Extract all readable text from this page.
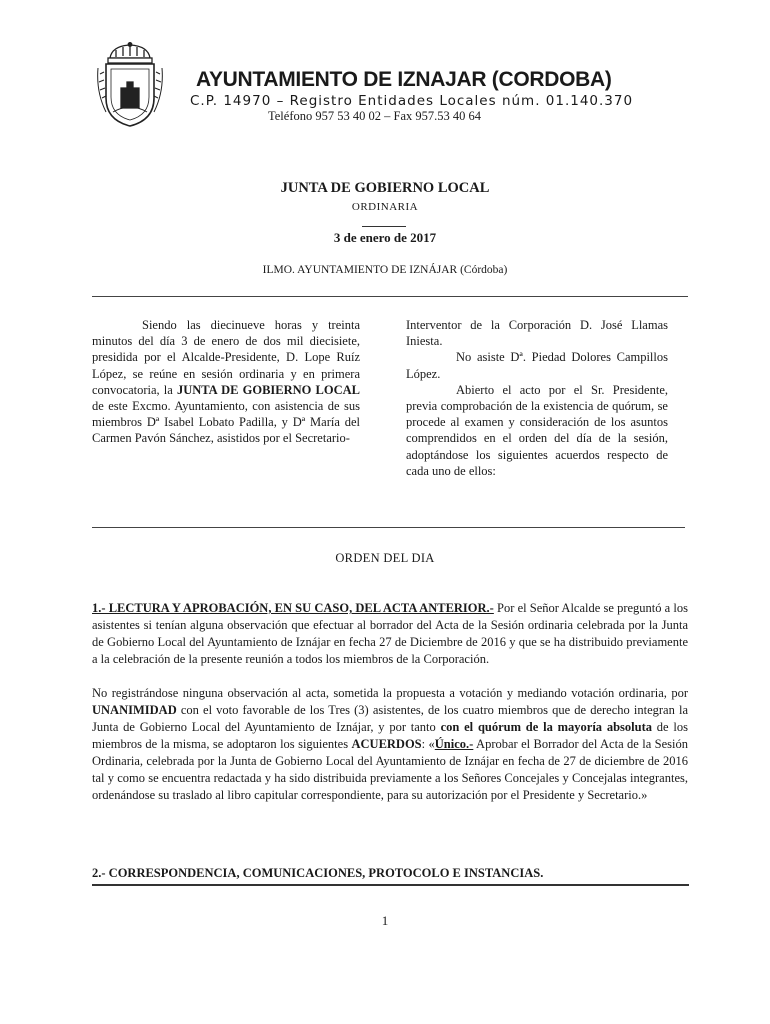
AYUNTAMIENTO DE IZNAJAR (CORDOBA)
C.P. 14970 – Registro Entidades Locales núm. 01.140.370
Teléfono 957 53 40 02 – Fax 957.53 40 64
JUNTA DE GOBIERNO LOCAL
ORDINARIA
3 de enero de 2017
ILMO. AYUNTAMIENTO DE IZNÁJAR (Córdoba)

Siendo las diecinueve horas y treinta minutos del día 3 de enero de dos mil diecisiete, presidida por el Alcalde-Presidente, D. Lope Ruíz López, se reúne en sesión ordinaria y en primera convocatoria, la JUNTA DE GOBIERNO LOCAL de este Excmo. Ayuntamiento, con asistencia de sus miembros Dª Isabel Lobato Padilla, y Dª María del Carmen Pavón Sánchez, asistidos por el Secretario-

Interventor de la Corporación D. José Llamas Iniesta.

No asiste Dª. Piedad Dolores Campillos López.

Abierto el acto por el Sr. Presidente, previa comprobación de la existencia de quórum, se procede al examen y consideración de los asuntos comprendidos en el orden del día de la sesión, adoptándose los siguientes acuerdos respecto de cada uno de ellos:

ORDEN DEL DIA

1.- LECTURA Y APROBACIÓN, EN SU CASO, DEL ACTA ANTERIOR.- Por el Señor Alcalde se preguntó a los asistentes si tenían alguna observación que efectuar al borrador del Acta de la Sesión ordinaria celebrada por la Junta de Gobierno Local del Ayuntamiento de Iznájar en fecha 27 de Diciembre de 2016 y que se ha distribuido previamente a la celebración de la presente reunión a todos los miembros de la Corporación.

No registrándose ninguna observación al acta, sometida la propuesta a votación y mediando votación ordinaria, por UNANIMIDAD con el voto favorable de los Tres (3) asistentes, de los cuatro miembros que de derecho integran la Junta de Gobierno Local del Ayuntamiento de Iznájar, y por tanto con el quórum de la mayoría absoluta de los miembros de la misma, se adoptaron los siguientes ACUERDOS: «Único.- Aprobar el Borrador del Acta de la Sesión Ordinaria, celebrada por la Junta de Gobierno Local del Ayuntamiento de Iznájar en fecha de 27 de diciembre de 2016 tal y como se encuentra redactada y ha sido distribuida previamente a los Señores Concejales y Concejalas integrantes, ordenándose su traslado al libro capitular correspondiente, para su autorización por el Presidente y Secretario.»

2.- CORRESPONDENCIA, COMUNICACIONES, PROTOCOLO E INSTANCIAS.
1
